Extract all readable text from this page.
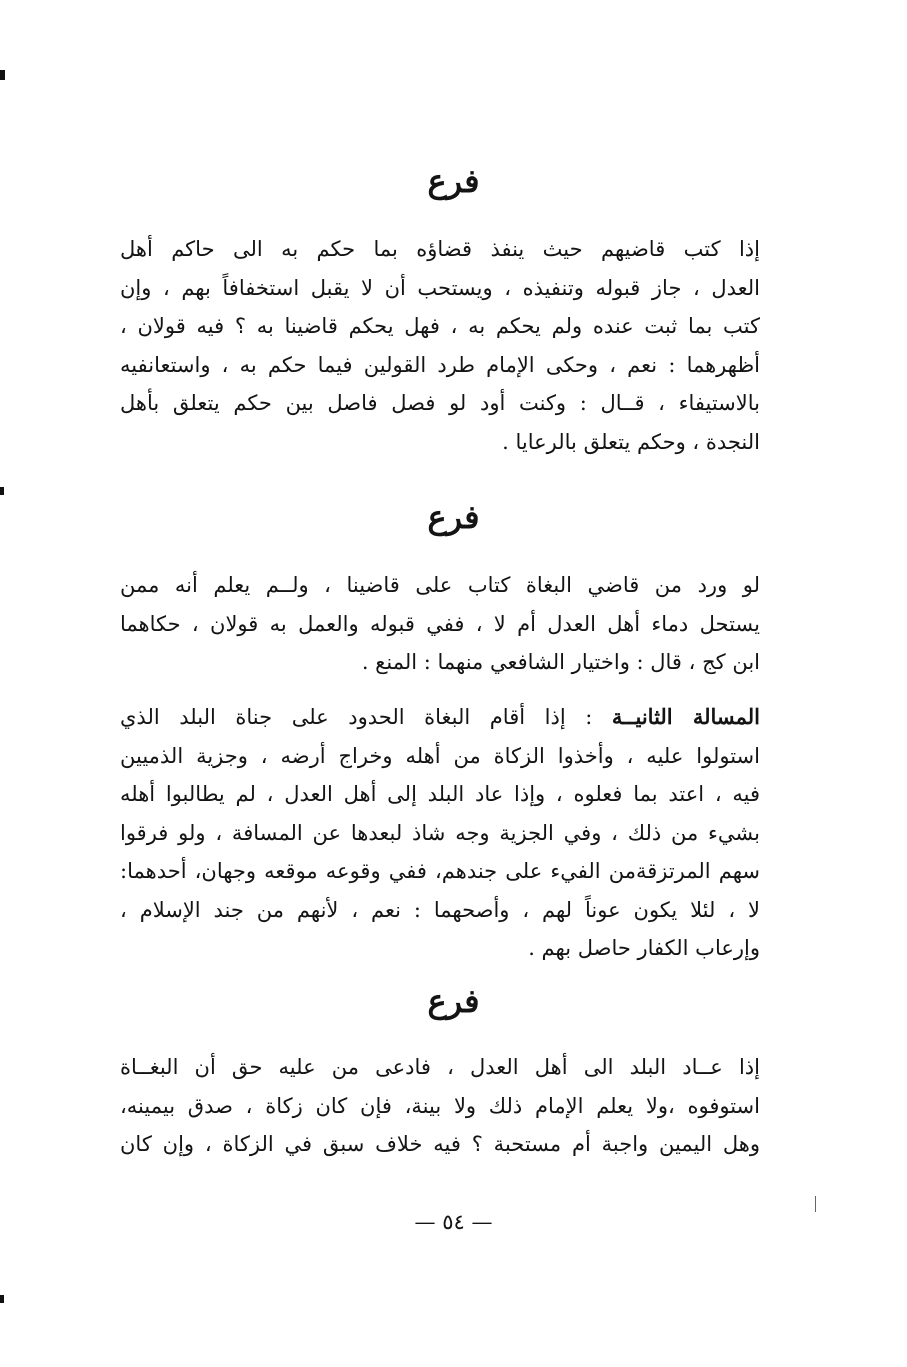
فرع
إذا كتب قاضيهم حيث ينفذ قضاؤه بما حكم به الى حاكم أهل
العدل ، جاز قبوله وتنفيذه ، ويستحب أن لا يقبل استخفافاً بهم ، وإن
كتب بما ثبت عنده ولم يحكم به ، فهل يحكم قاضينا به ؟ فيه قولان ،
أظهرهما : نعم ، وحكى الإمام طرد القولين فيما حكم به ، واستعانفيه
بالاستيفاء ، قــال : وكنت أود لو فصل فاصل بين حكم يتعلق بأهل
النجدة ، وحكم يتعلق بالرعايا .
فرع
لو ورد من قاضي البغاة كتاب على قاضينا ، ولــم يعلم أنه ممن
يستحل دماء أهل العدل أم لا ، ففي قبوله والعمل به قولان ، حكاهما
ابن كج ، قال : واختيار الشافعي منهما : المنع .
المسالة الثانيــة : إذا أقام البغاة الحدود على جناة البلد الذي
استولوا عليه ، وأخذوا الزكاة من أهله وخراج أرضه ، وجزية الذميين
فيه ، اعتد بما فعلوه ، وإذا عاد البلد إلى أهل العدل ، لم يطالبوا أهله
بشيء من ذلك ، وفي الجزية وجه شاذ لبعدها عن المسافة ، ولو فرقوا
سهم المرتزقةمن الفيء على جندهم، ففي وقوعه موقعه وجهان، أحدهما:
لا ، لئلا يكون عوناً لهم ، وأصحهما : نعم ، لأنهم من جند الإسلام ،
وإرعاب الكفار حاصل بهم .
فرع
إذا عــاد البلد الى أهل العدل ، فادعى من عليه حق أن البغــاة
استوفوه ،ولا يعلم الإمام ذلك ولا بينة، فإن كان زكاة ، صدق بيمينه،
وهل اليمين واجبة أم مستحبة ؟ فيه خلاف سبق في الزكاة ، وإن كان
— ٥٤ —
